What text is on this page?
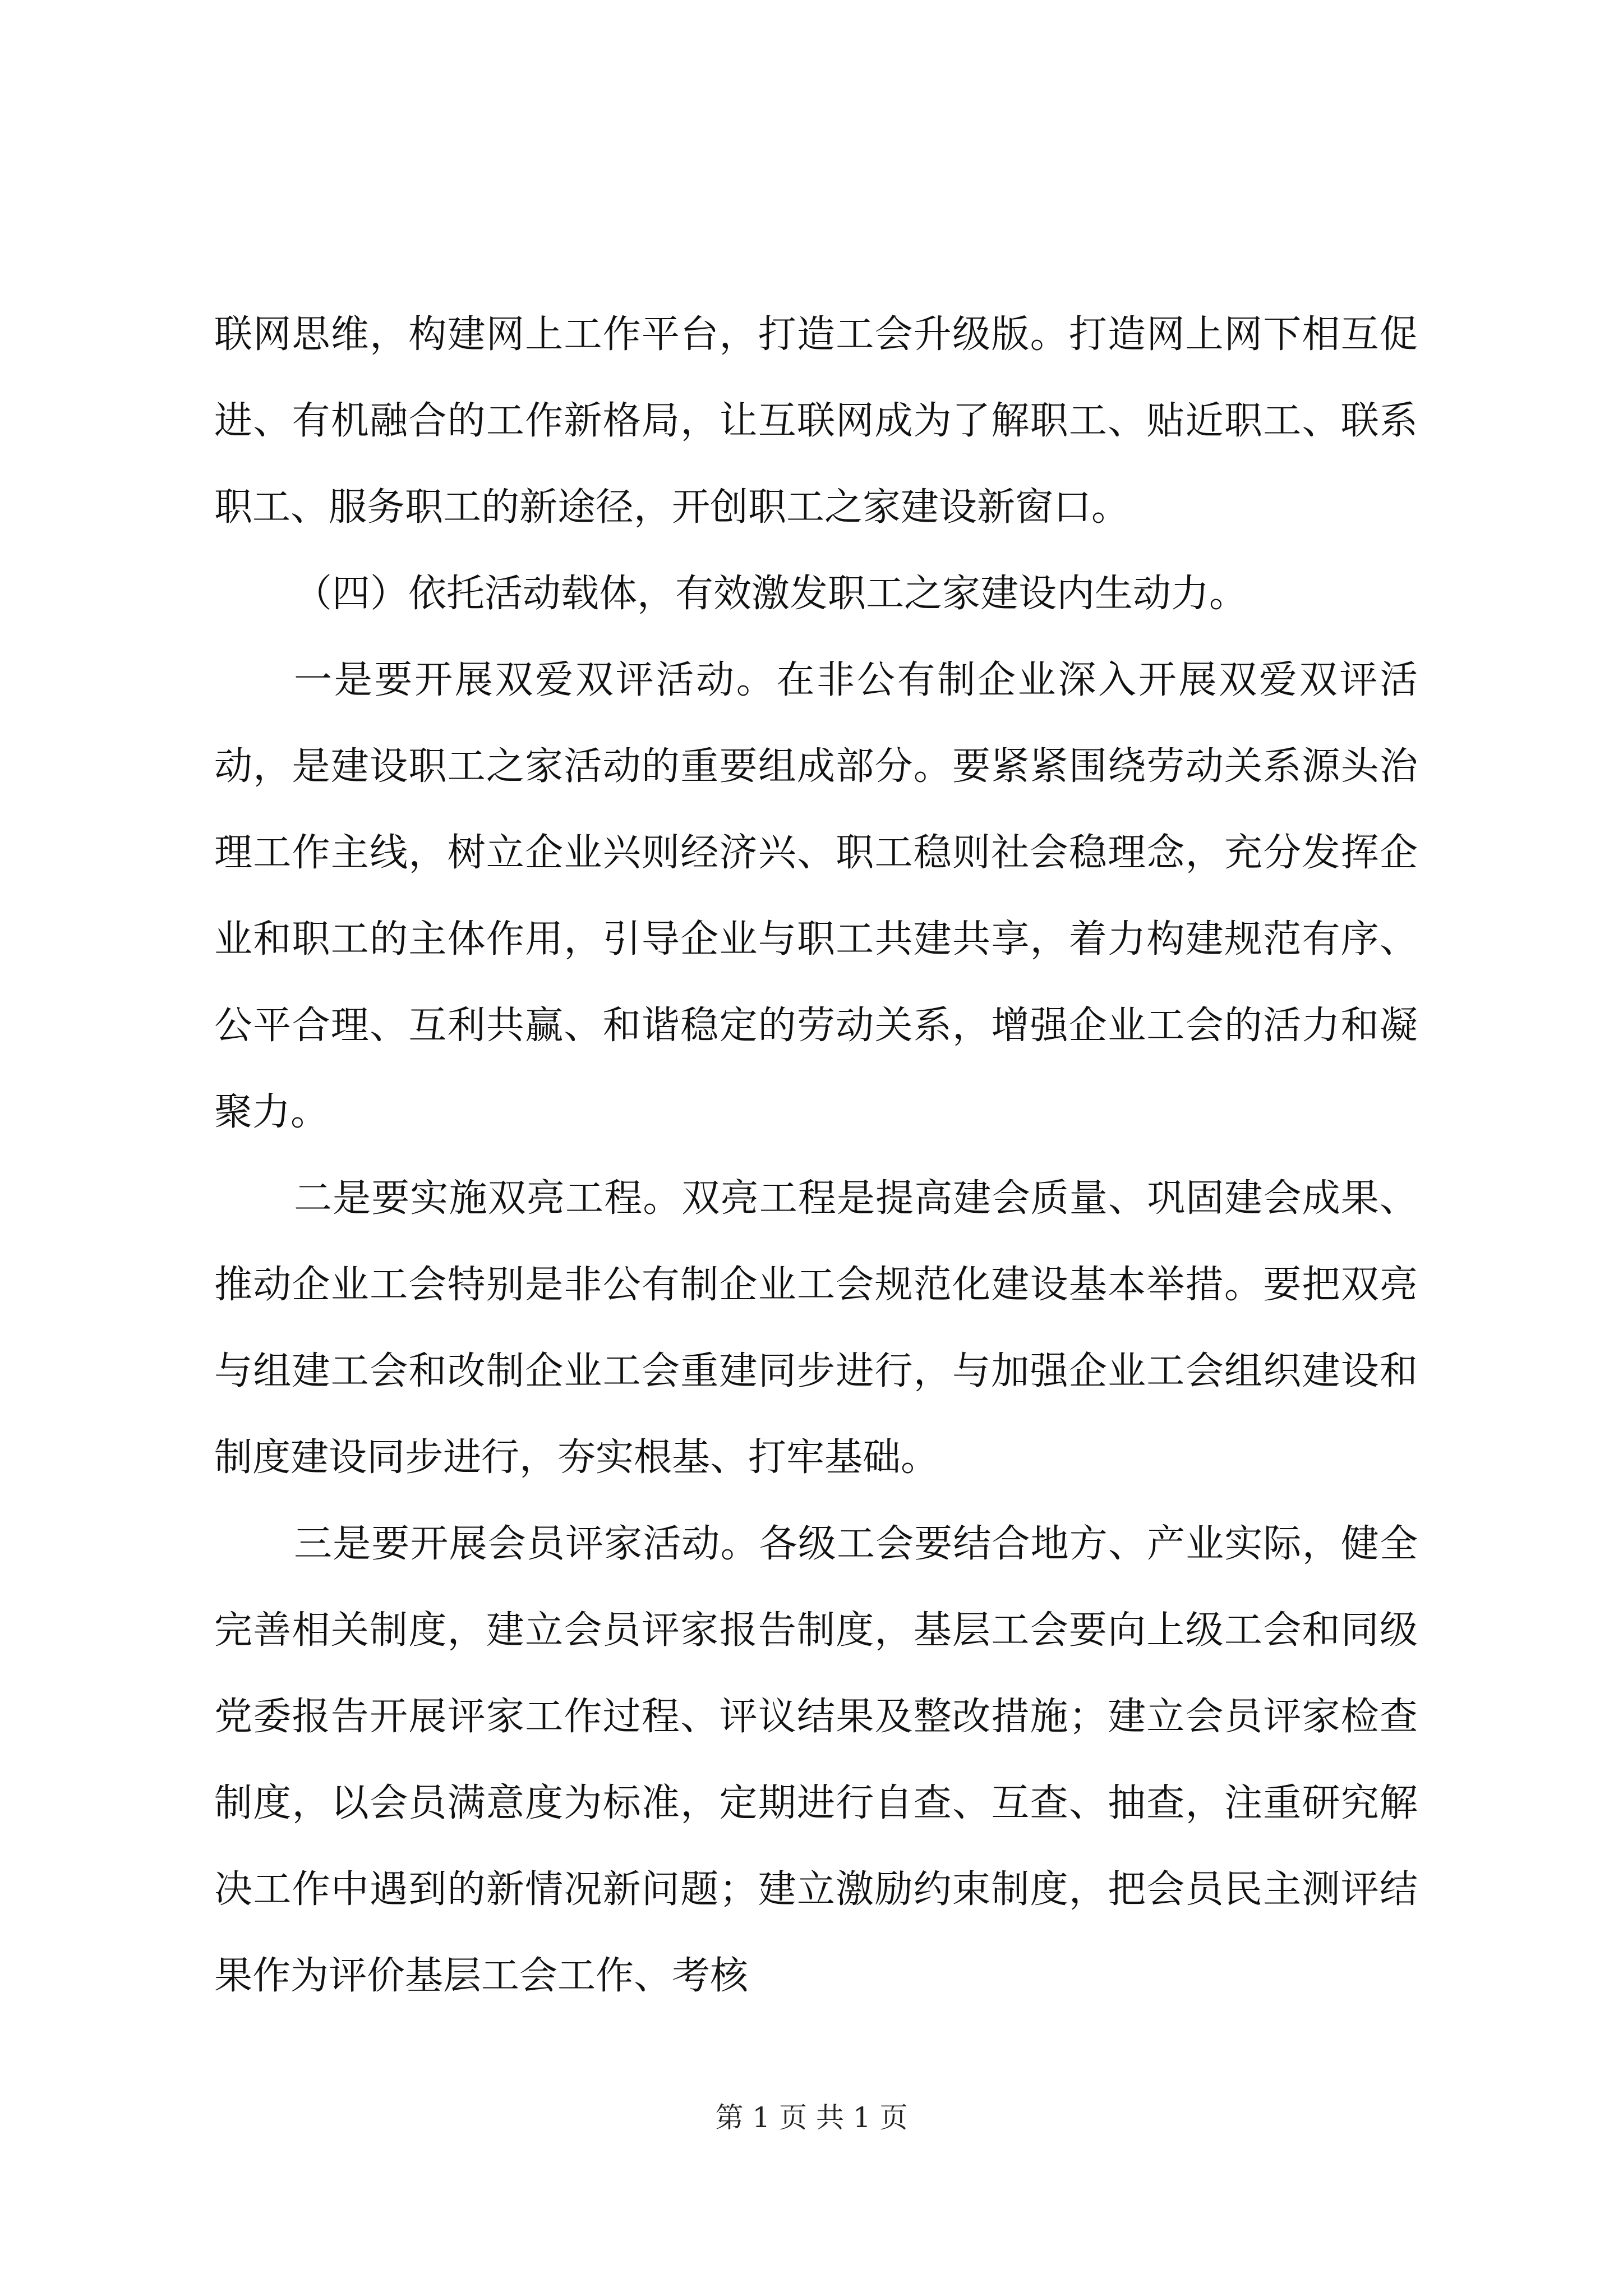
联网思维，构建网上工作平台，打造工会升级版。打造网上网下相互促进、有机融合的工作新格局，让互联网成为了解职工、贴近职工、联系职工、服务职工的新途径，开创职工之家建设新窗口。

（四）依托活动载体，有效激发职工之家建设内生动力。

一是要开展双爱双评活动。在非公有制企业深入开展双爱双评活动，是建设职工之家活动的重要组成部分。要紧紧围绕劳动关系源头治理工作主线，树立企业兴则经济兴、职工稳则社会稳理念，充分发挥企业和职工的主体作用，引导企业与职工共建共享，着力构建规范有序、公平合理、互利共赢、和谐稳定的劳动关系，增强企业工会的活力和凝聚力。

二是要实施双亮工程。双亮工程是提高建会质量、巩固建会成果、推动企业工会特别是非公有制企业工会规范化建设基本举措。要把双亮与组建工会和改制企业工会重建同步进行，与加强企业工会组织建设和制度建设同步进行，夯实根基、打牢基础。

三是要开展会员评家活动。各级工会要结合地方、产业实际，健全完善相关制度，建立会员评家报告制度，基层工会要向上级工会和同级党委报告开展评家工作过程、评议结果及整改措施；建立会员评家检查制度，以会员满意度为标准，定期进行自查、互查、抽查，注重研究解决工作中遇到的新情况新问题；建立激励约束制度，把会员民主测评结果作为评价基层工会工作、考核

第 1 页 共 1 页
